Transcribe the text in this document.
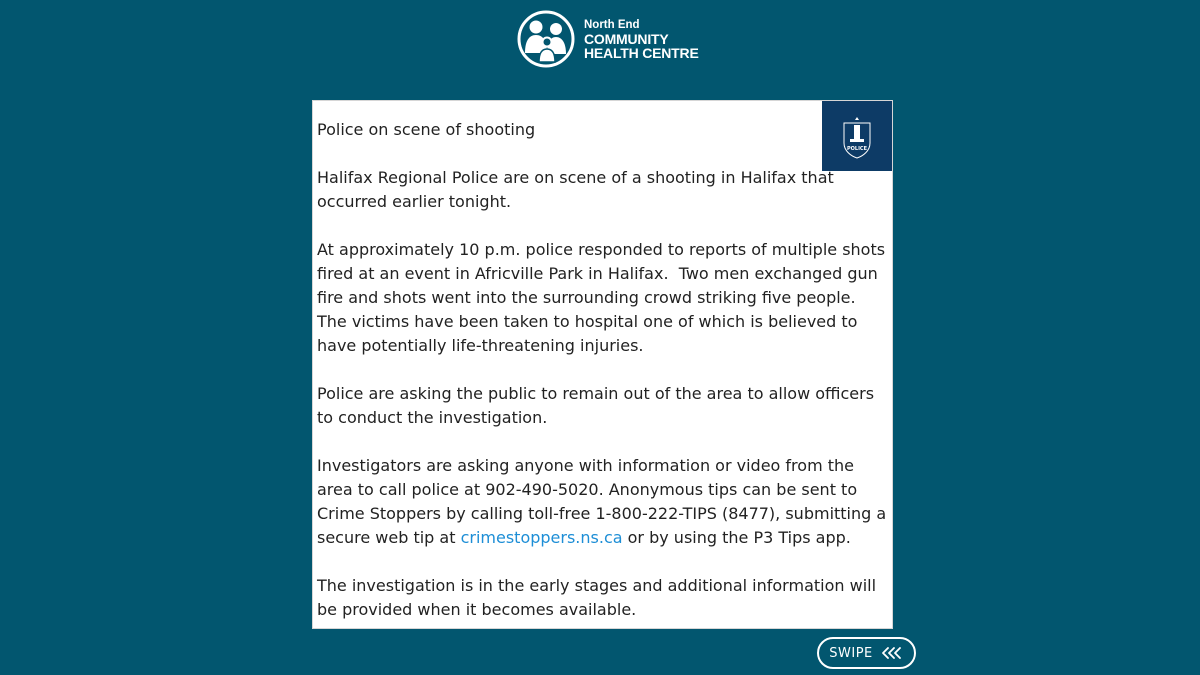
North End
COMMUNITY
HEALTH CENTRE
POLICE

Police on scene of shooting

Halifax Regional Police are on scene of a shooting in Halifax that occurred earlier tonight.

At approximately 10 p.m. police responded to reports of multiple shots fired at an event in Africville Park in Halifax.  Two men exchanged gun fire and shots went into the surrounding crowd striking five people. The victims have been taken to hospital one of which is believed to have potentially life-threatening injuries.

Police are asking the public to remain out of the area to allow officers to conduct the investigation.

Investigators are asking anyone with information or video from the area to call police at 902-490-5020. Anonymous tips can be sent to Crime Stoppers by calling toll-free 1-800-222-TIPS (8477), submitting a secure web tip at crimestoppers.ns.ca or by using the P3 Tips app.

The investigation is in the early stages and additional information will be provided when it becomes available.

SWIPE
